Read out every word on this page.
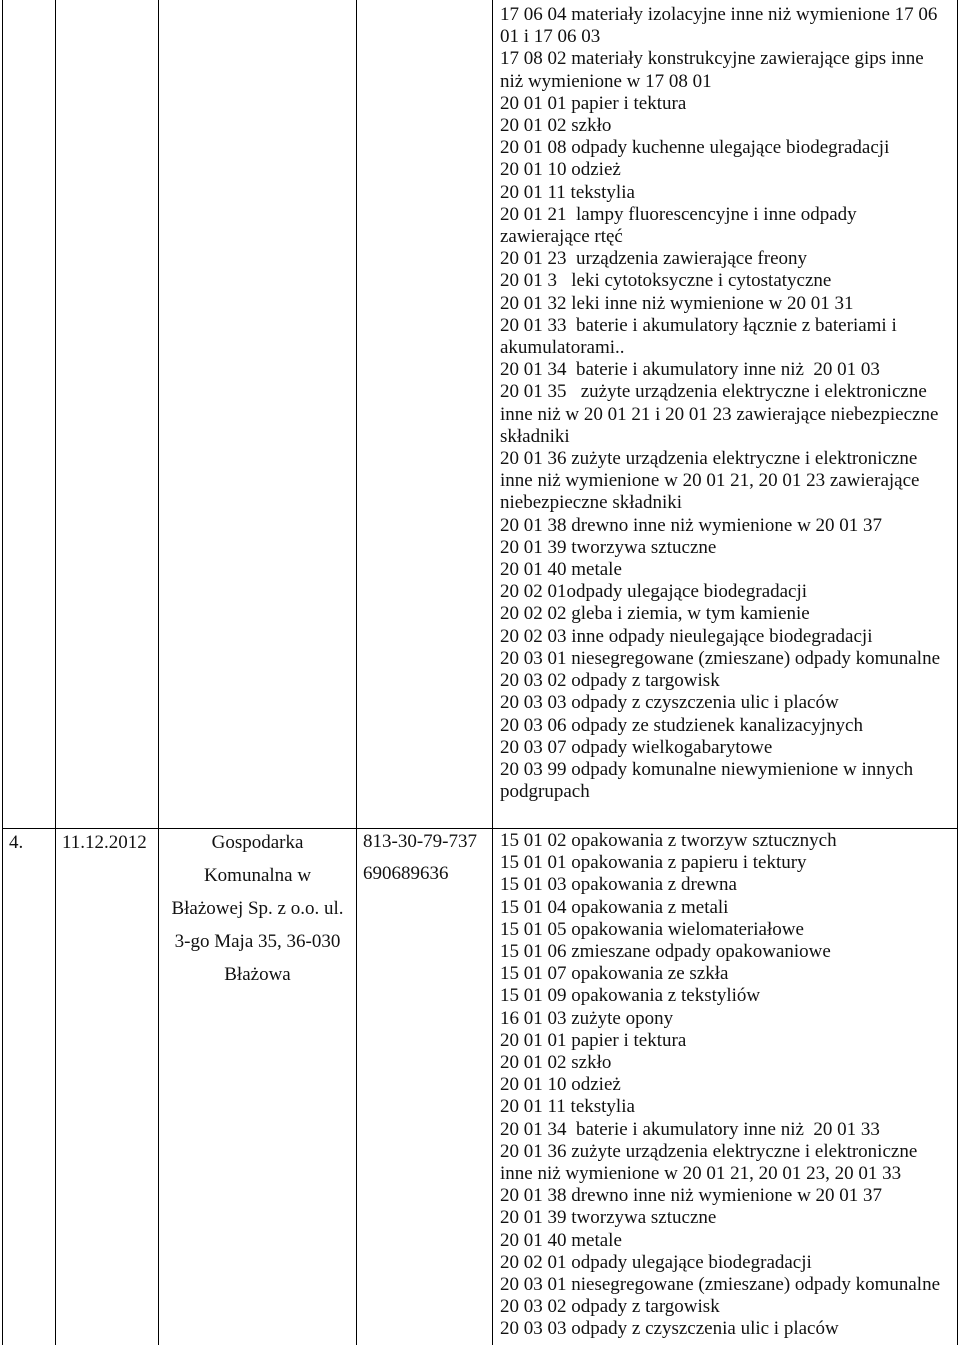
17 06 04 materiały izolacyjne inne niż wymienione 17 06
01 i 17 06 03
17 08 02 materiały konstrukcyjne zawierające gips inne
niż wymienione w 17 08 01
20 01 01 papier i tektura
20 01 02 szkło
20 01 08 odpady kuchenne ulegające biodegradacji
20 01 10 odzież
20 01 11 tekstylia
20 01 21  lampy fluorescencyjne i inne odpady
zawierające rtęć
20 01 23  urządzenia zawierające freony
20 01 3   leki cytotoksyczne i cytostatyczne
20 01 32 leki inne niż wymienione w 20 01 31
20 01 33  baterie i akumulatory łącznie z bateriami i
akumulatorami..
20 01 34  baterie i akumulatory inne niż  20 01 03
20 01 35   zużyte urządzenia elektryczne i elektroniczne
inne niż w 20 01 21 i 20 01 23 zawierające niebezpieczne
składniki
20 01 36 zużyte urządzenia elektryczne i elektroniczne
inne niż wymienione w 20 01 21, 20 01 23 zawierające
niebezpieczne składniki
20 01 38 drewno inne niż wymienione w 20 01 37
20 01 39 tworzywa sztuczne
20 01 40 metale
20 02 01odpady ulegające biodegradacji
20 02 02 gleba i ziemia, w tym kamienie
20 02 03 inne odpady nieulegające biodegradacji
20 03 01 niesegregowane (zmieszane) odpady komunalne
20 03 02 odpady z targowisk
20 03 03 odpady z czyszczenia ulic i placów
20 03 06 odpady ze studzienek kanalizacyjnych
20 03 07 odpady wielkogabarytowe
20 03 99 odpady komunalne niewymienione w innych
podgrupach
4.	11.12.2012	Gospodarka
Komunalna w
Błażowej Sp. z o.o. ul.
3-go Maja 35, 36-030
Błażowa
813-30-79-737
690689636
15 01 02 opakowania z tworzyw sztucznych
15 01 01 opakowania z papieru i tektury
15 01 03 opakowania z drewna
15 01 04 opakowania z metali
15 01 05 opakowania wielomateriałowe
15 01 06 zmieszane odpady opakowaniowe
15 01 07 opakowania ze szkła
15 01 09 opakowania z tekstyliów
16 01 03 zużyte opony
20 01 01 papier i tektura
20 01 02 szkło
20 01 10 odzież
20 01 11 tekstylia
20 01 34  baterie i akumulatory inne niż  20 01 33
20 01 36 zużyte urządzenia elektryczne i elektroniczne
inne niż wymienione w 20 01 21, 20 01 23, 20 01 33
20 01 38 drewno inne niż wymienione w 20 01 37
20 01 39 tworzywa sztuczne
20 01 40 metale
20 02 01 odpady ulegające biodegradacji
20 03 01 niesegregowane (zmieszane) odpady komunalne
20 03 02 odpady z targowisk
20 03 03 odpady z czyszczenia ulic i placów
